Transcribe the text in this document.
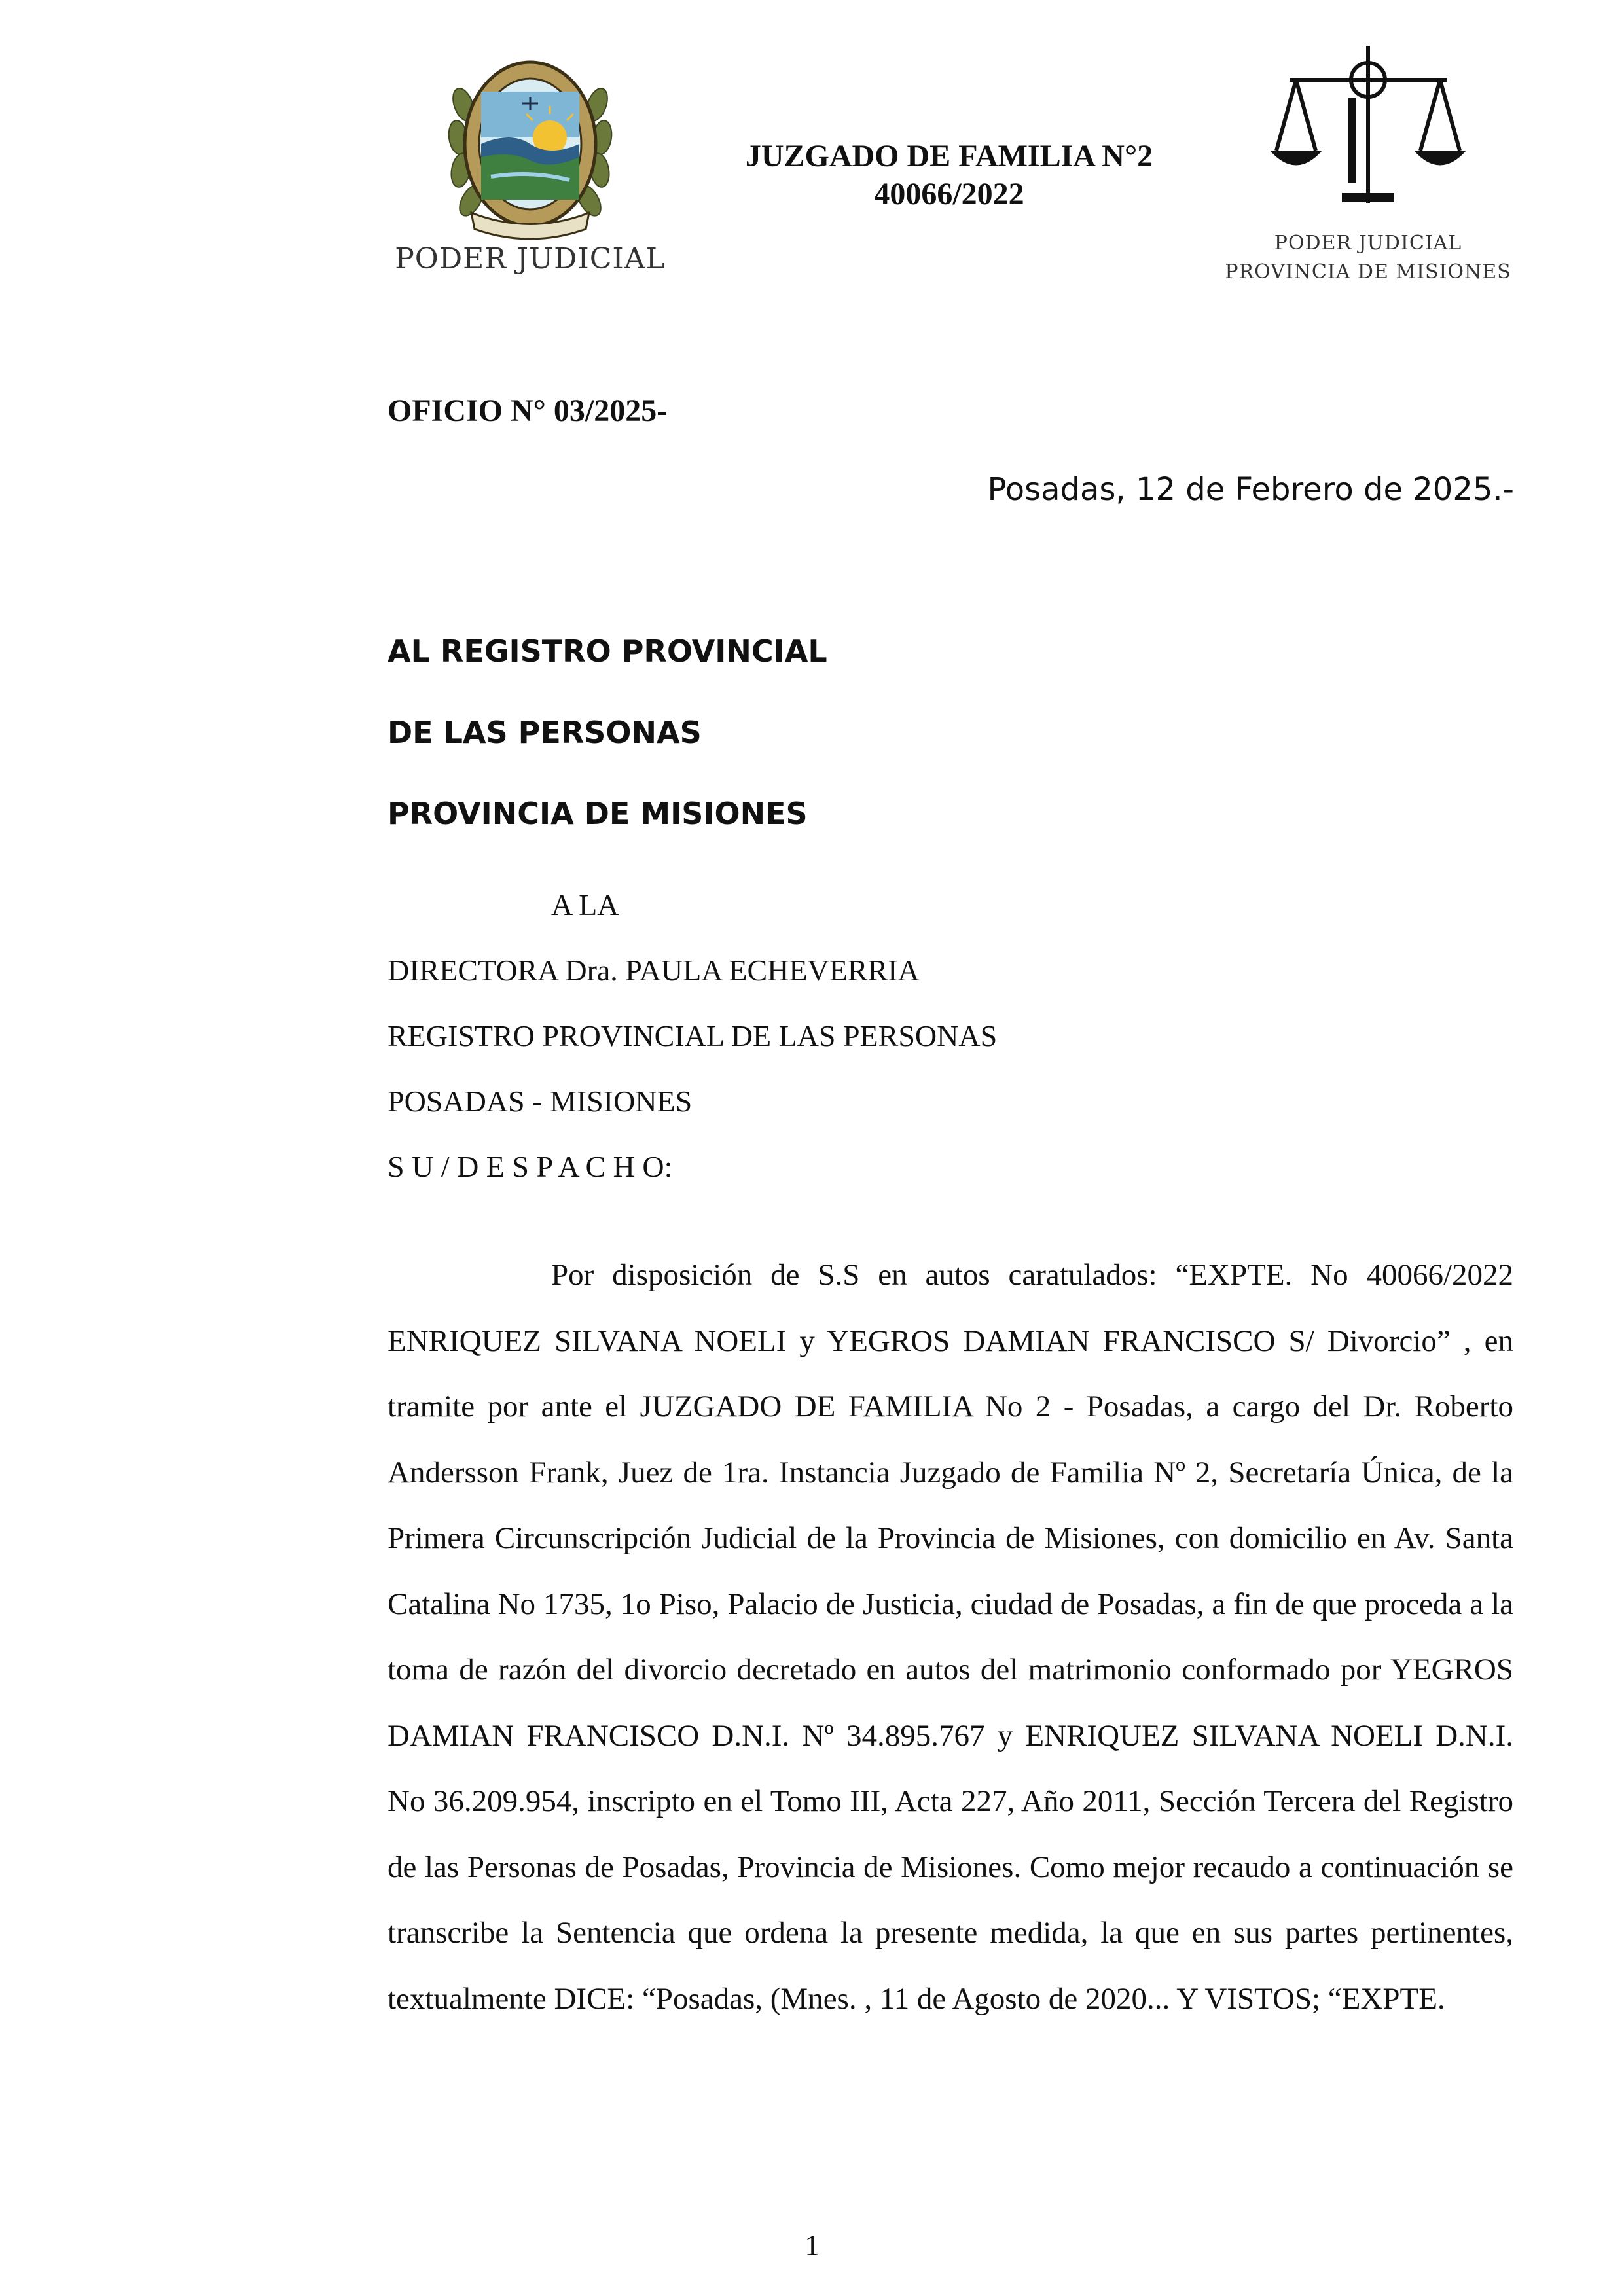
PODER JUDICIAL
JUZGADO DE FAMILIA N°2
40066/2022
PODER JUDICIAL
PROVINCIA DE MISIONES
OFICIO N° 03/2025-
Posadas, 12 de Febrero de 2025.-
AL REGISTRO PROVINCIAL
DE LAS PERSONAS
PROVINCIA DE MISIONES
A LA
DIRECTORA Dra. PAULA ECHEVERRIA
REGISTRO PROVINCIAL DE LAS PERSONAS
POSADAS - MISIONES
S U / D E S P A C H O:

Por disposición de S.S en autos caratulados: “EXPTE. No 40066/2022 ENRIQUEZ SILVANA NOELI y YEGROS DAMIAN FRANCISCO S/ Divorcio” , en tramite por ante el JUZGADO DE FAMILIA No 2 - Posadas, a cargo del Dr. Roberto Andersson Frank, Juez de 1ra. Instancia Juzgado de Familia Nº 2, Secretaría Única, de la Primera Circunscripción Judicial de la Provincia de Misiones, con domicilio en Av. Santa Catalina No 1735, 1o Piso, Palacio de Justicia, ciudad de Posadas, a fin de que proceda a la toma de razón del divorcio decretado en autos del matrimonio conformado por YEGROS DAMIAN FRANCISCO D.N.I. Nº 34.895.767 y ENRIQUEZ SILVANA NOELI D.N.I. No 36.209.954, inscripto en el Tomo III, Acta 227, Año 2011, Sección Tercera del Registro de las Personas de Posadas, Provincia de Misiones. Como mejor recaudo a continuación se transcribe la Sentencia que ordena la presente medida, la que en sus partes pertinentes, textualmente DICE: “Posadas, (Mnes. , 11 de Agosto de 2020... Y VISTOS; “EXPTE.

1
